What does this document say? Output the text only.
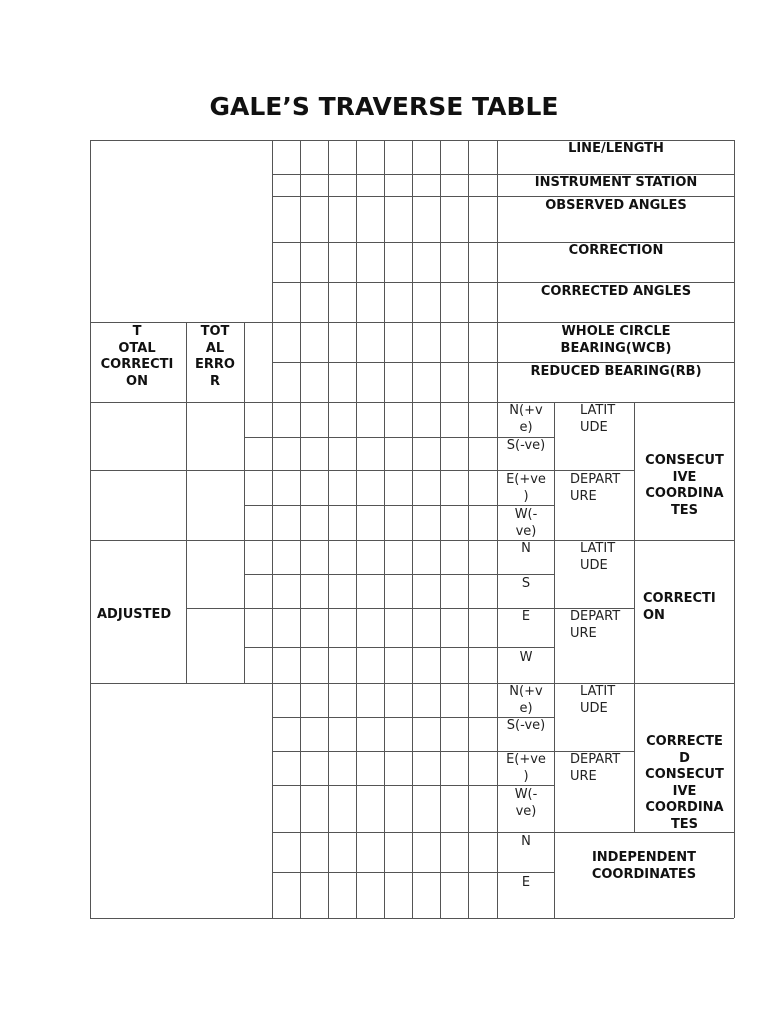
GALE’S TRAVERSE TABLE
LINE/LENGTH
INSTRUMENT STATION
OBSERVED ANGLES
CORRECTION
CORRECTED ANGLES
WHOLE CIRCLE
BEARING(WCB)
REDUCED BEARING(RB)
T
OTAL
CORRECTI
ON
TOT
AL
ERRO
R
ADJUSTED
N(+v
e)
S(-ve)
E(+ve
)
W(-
ve)
LATIT
UDE
DEPART
URE
CONSECUT
IVE
COORDINA
TES
N
S
E
W
LATIT
UDE
DEPART
URE
CORRECTI
ON
N(+v
e)
S(-ve)
E(+ve
)
W(-
ve)
LATIT
UDE
DEPART
URE
CORRECTE
D
CONSECUT
IVE
COORDINA
TES
N
E
INDEPENDENT
COORDINATES
